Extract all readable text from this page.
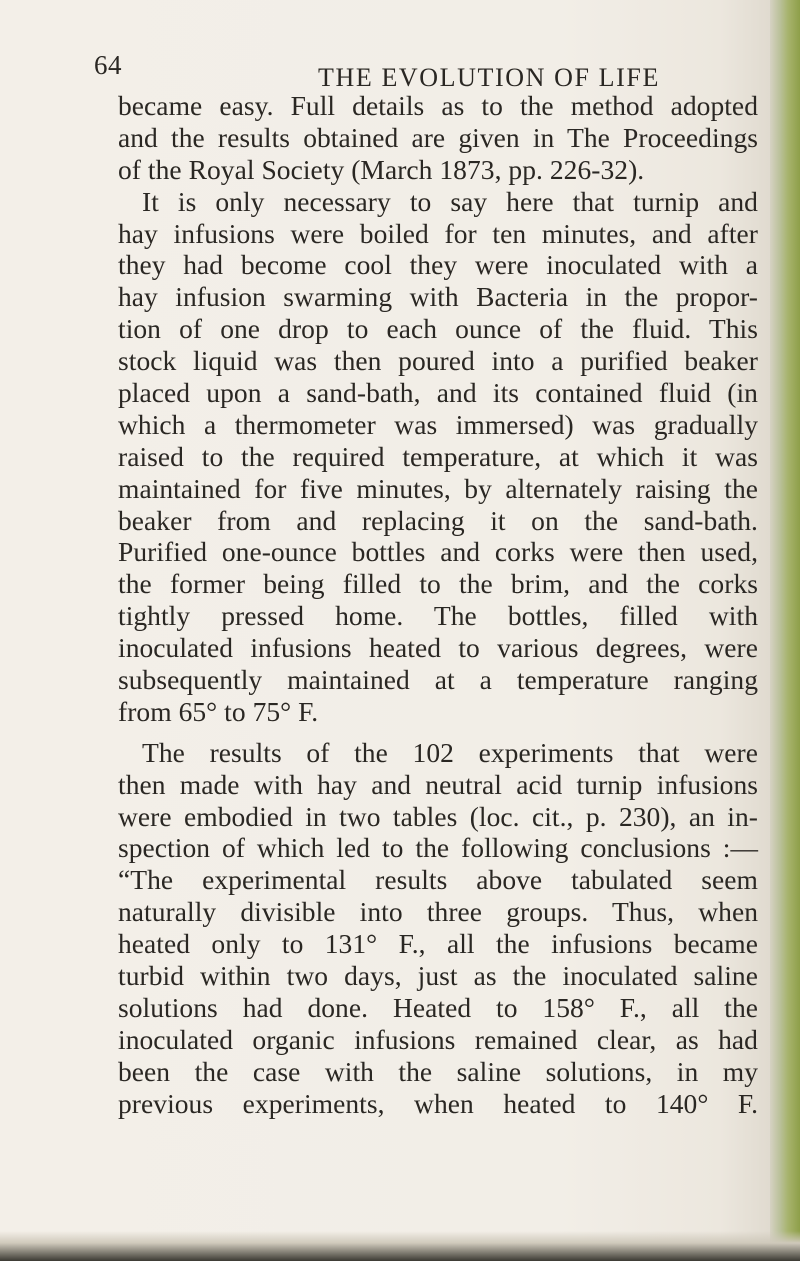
64	THE EVOLUTION OF LIFE
became easy. Full details as to the method adopted
and the results obtained are given in The Proceedings
of the Royal Society (March 1873, pp. 226-32).
It is only necessary to say here that turnip and
hay infusions were boiled for ten minutes, and after
they had become cool they were inoculated with a
hay infusion swarming with Bacteria in the propor-
tion of one drop to each ounce of the fluid. This
stock liquid was then poured into a purified beaker
placed upon a sand-bath, and its contained fluid (in
which a thermometer was immersed) was gradually
raised to the required temperature, at which it was
maintained for five minutes, by alternately raising the
beaker from and replacing it on the sand-bath.
Purified one-ounce bottles and corks were then used,
the former being filled to the brim, and the corks
tightly pressed home. The bottles, filled with
inoculated infusions heated to various degrees, were
subsequently maintained at a temperature ranging
from 65° to 75° F.
The results of the 102 experiments that were
then made with hay and neutral acid turnip infusions
were embodied in two tables (loc. cit., p. 230), an in-
spection of which led to the following conclusions :—
“The experimental results above tabulated seem
naturally divisible into three groups. Thus, when
heated only to 131° F., all the infusions became
turbid within two days, just as the inoculated saline
solutions had done. Heated to 158° F., all the
inoculated organic infusions remained clear, as had
been the case with the saline solutions, in my
previous experiments, when heated to 140° F.
